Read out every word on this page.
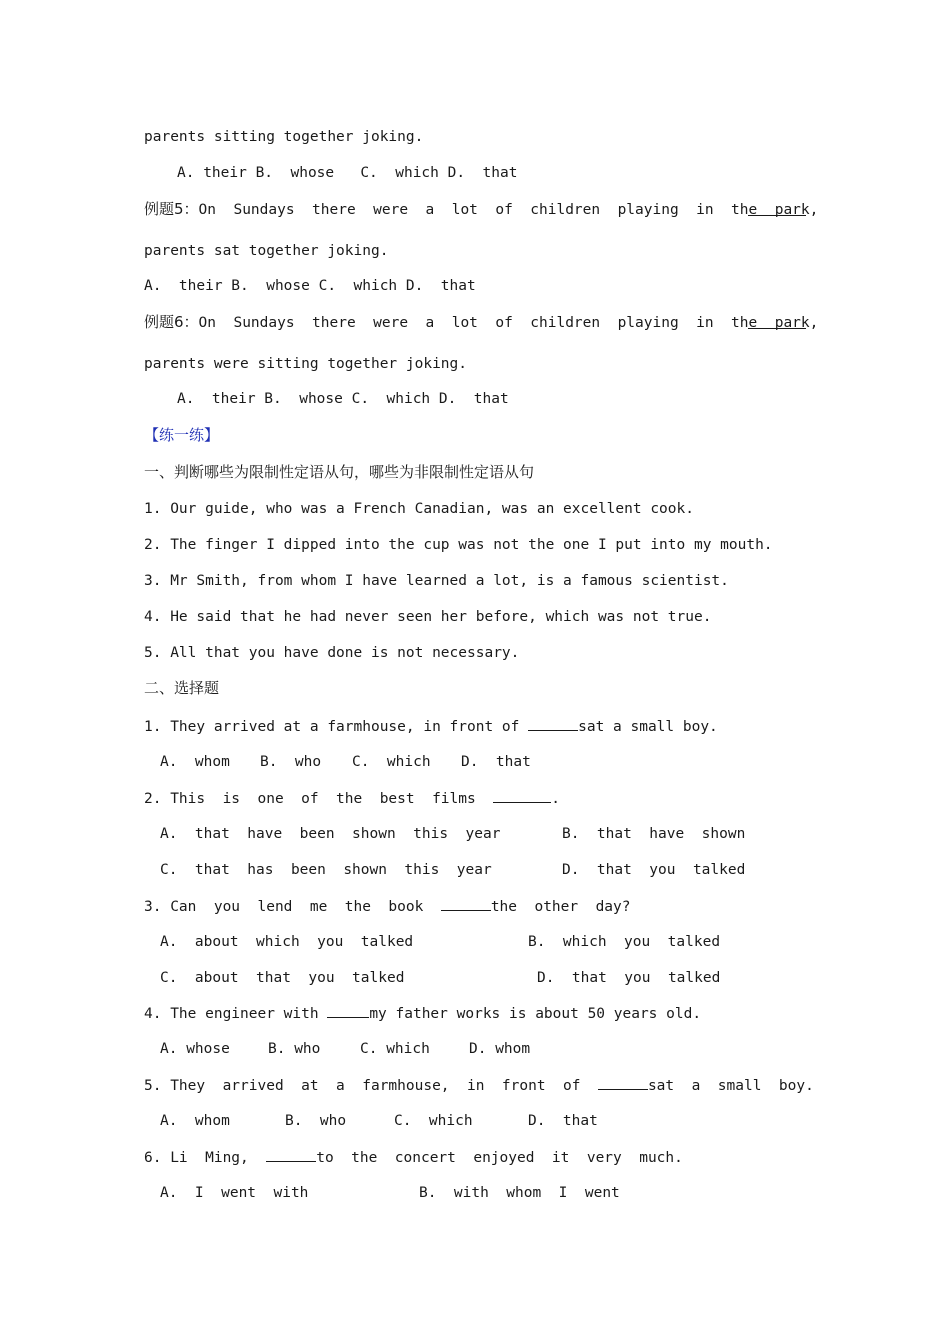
parents sitting together joking.
A. their B.  whose   C.  which D.  that
例题5：On  Sundays  there  were  a  lot  of  children  playing  in  the  park,
parents sat together joking.
A.  their B.  whose C.  which D.  that
例题6：On  Sundays  there  were  a  lot  of  children  playing  in  the  park,
parents were sitting together joking.
A.  their B.  whose C.  which D.  that
【练一练】
一、判断哪些为限制性定语从句，哪些为非限制性定语从句
1. Our guide, who was a French Canadian, was an excellent cook.
2. The finger I dipped into the cup was not the one I put into my mouth.
3. Mr Smith, from whom I have learned a lot, is a famous scientist.
4. He said that he had never seen her before, which was not true.
5. All that you have done is not necessary.
二、选择题
1. They arrived at a farmhouse, in front of	sat a small boy.
A.  whom B.  who C.  which D.  that
2. This  is  one  of  the  best  films	.
A.  that  have  been  shown  this  year	B.  that  have  shown
C.  that  has  been  shown  this  year	D.  that  you  talked
3. Can  you  lend  me  the  book	the  other  day?
A.  about  which  you  talked	B.  which  you  talked
C.  about  that  you  talked	D.  that  you  talked
4. The engineer with	my father works is about 50 years old.
A. whose	B. who	C. which	D. whom
5. They  arrived  at  a  farmhouse,  in  front  of	sat  a  small  boy.
A.  whom	B.  who	C.  which	D.  that
6. Li  Ming,	to  the  concert  enjoyed  it  very  much.
A.  I  went  with	B.  with  whom  I  went
